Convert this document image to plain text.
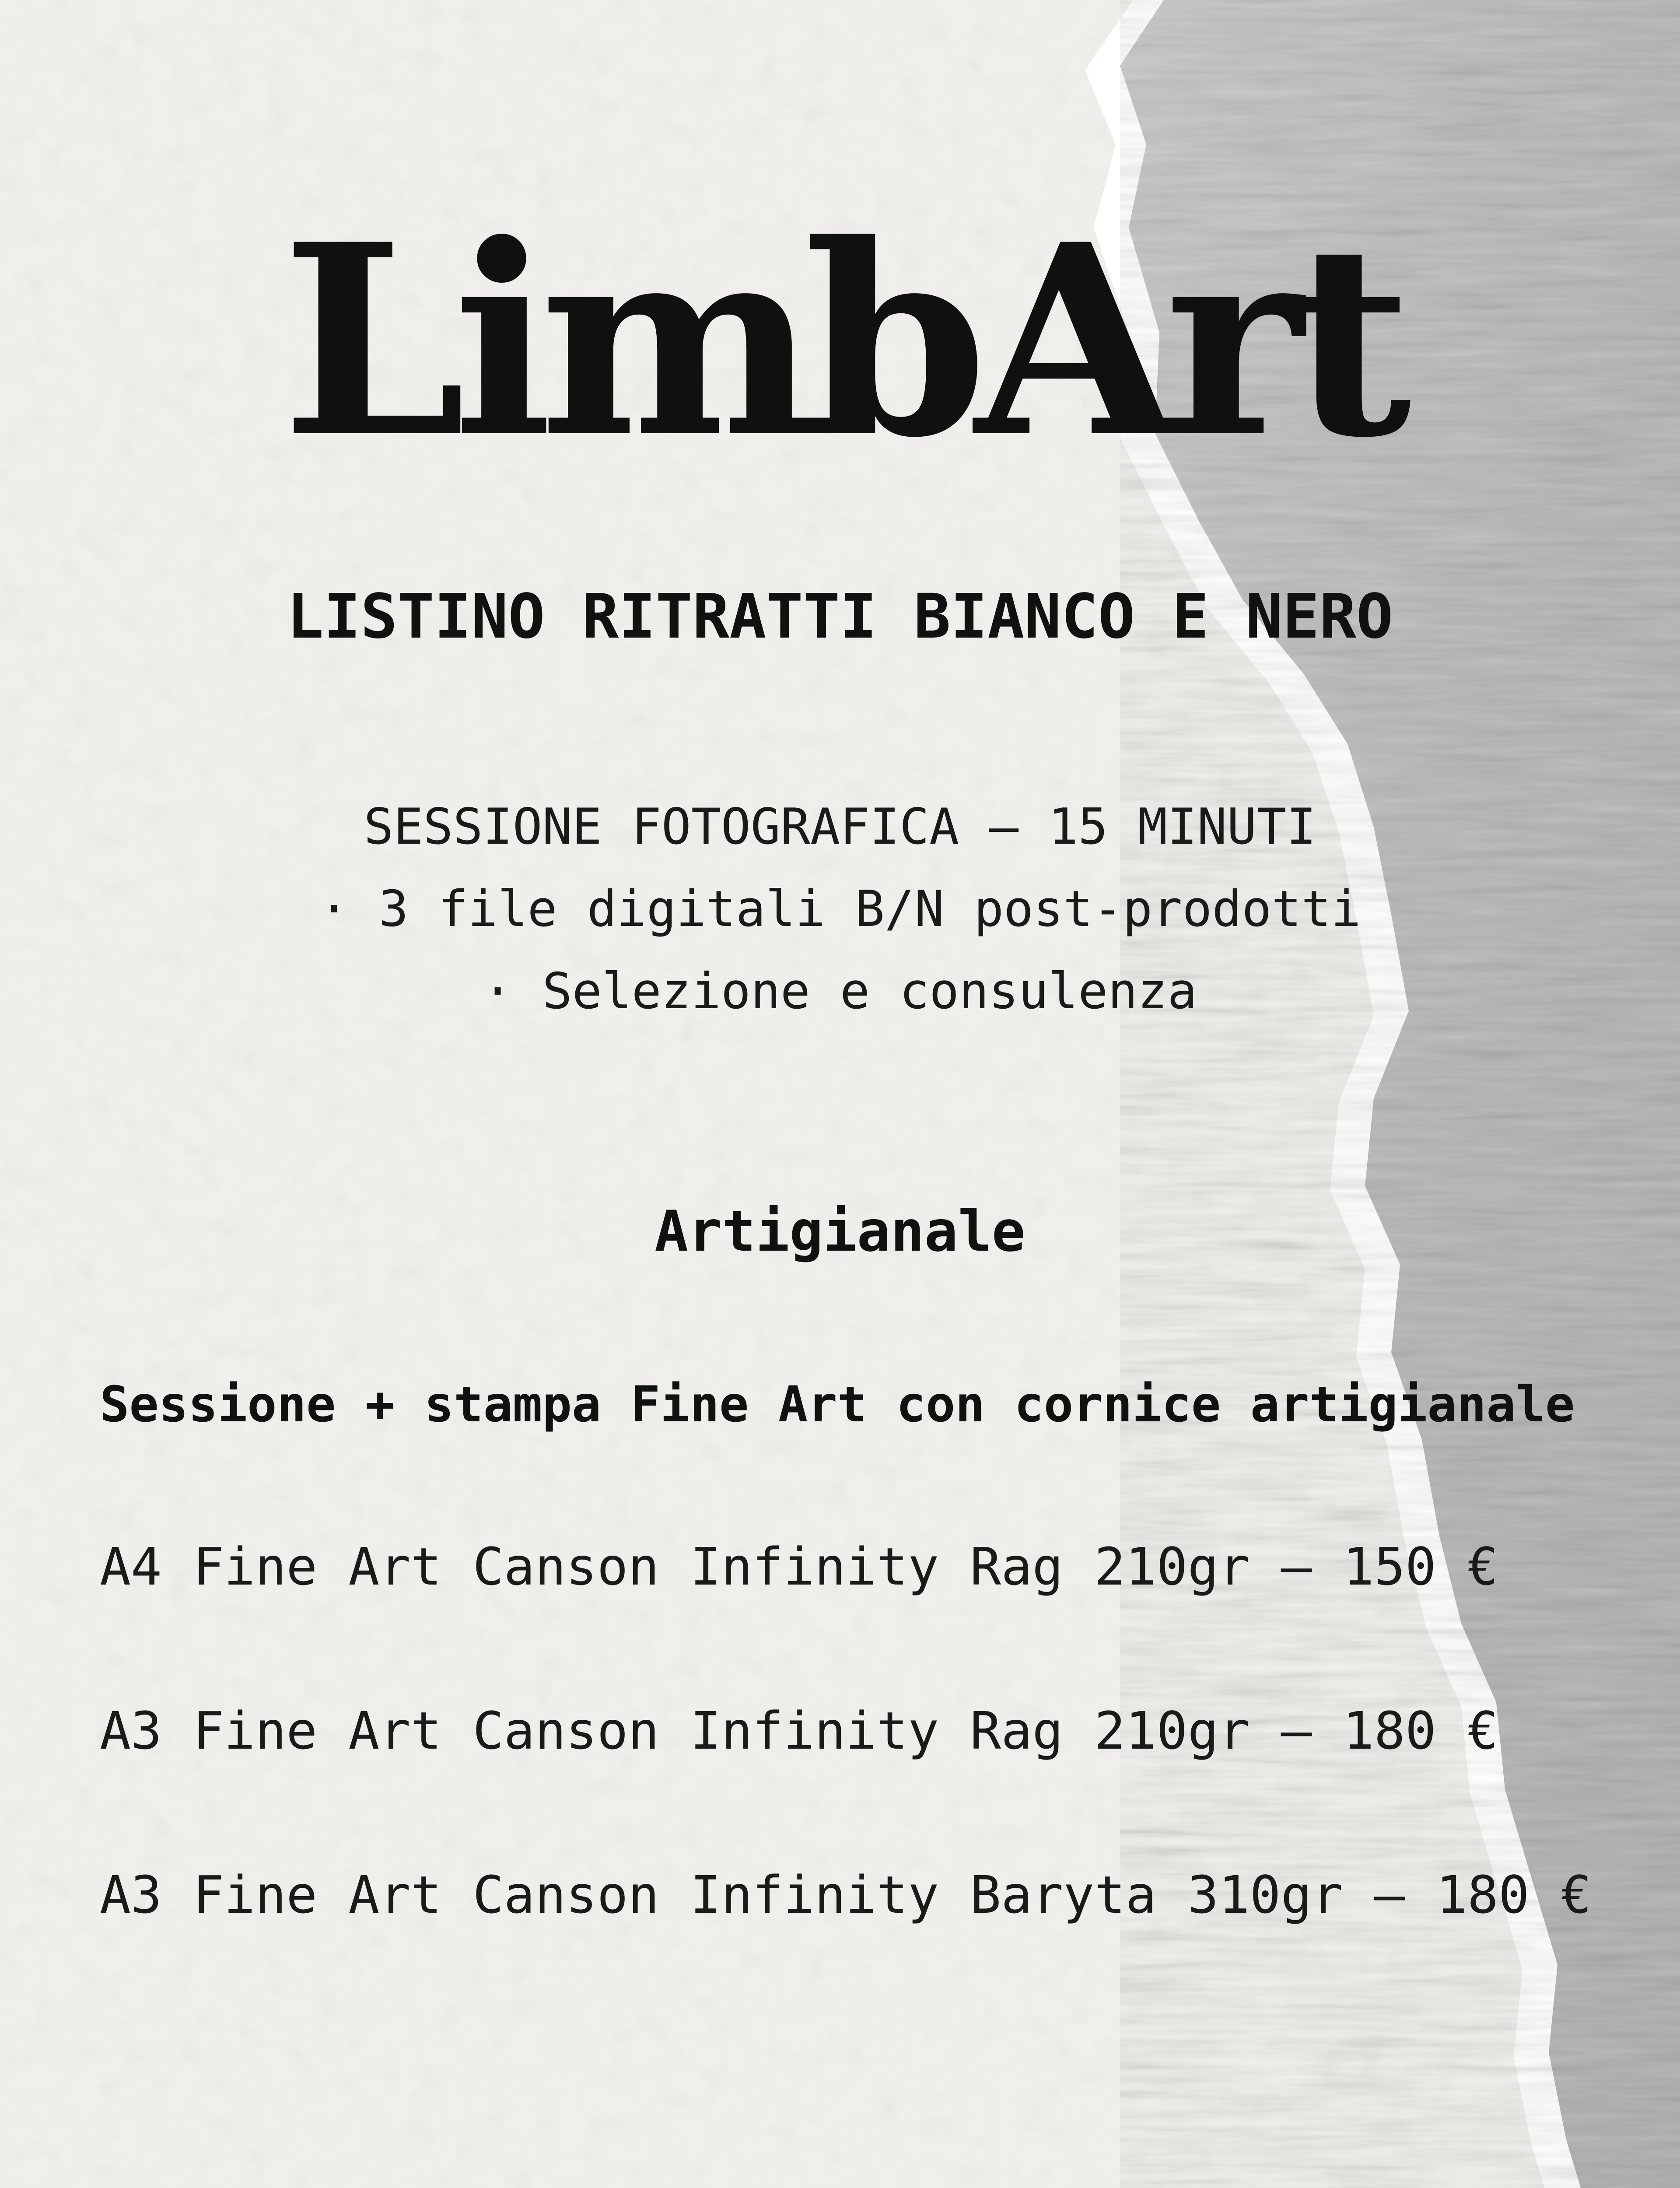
LimbArt
LISTINO RITRATTI BIANCO E NERO
SESSIONE FOTOGRAFICA – 15 MINUTI
· 3 file digitali B/N post-prodotti
· Selezione e consulenza
Artigianale
Sessione + stampa Fine Art con cornice artigianale
A4 Fine Art Canson Infinity Rag 210gr – 150 €
A3 Fine Art Canson Infinity Rag 210gr – 180 €
A3 Fine Art Canson Infinity Baryta 310gr – 180 €
